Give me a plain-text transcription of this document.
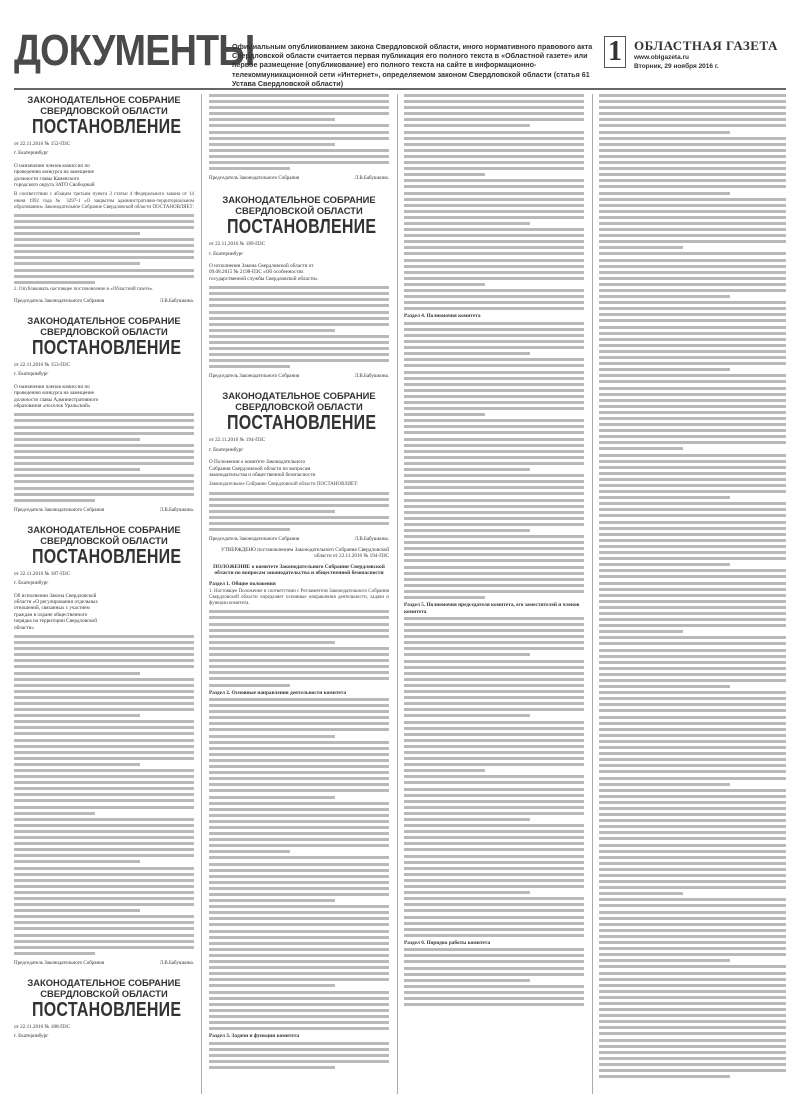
ДОКУМЕНТЫ
Официальным опубликованием закона Свердловской области, иного нормативного правового акта Свердловской области считается первая публикация его полного текста в «Областной газете» или первое размещение (опубликование) его полного текста на сайте в информационно-телекоммуникационной сети «Интернет», определяемом законом Свердловской области (статья 61 Устава Свердловской области)
1 ОБЛАСТНАЯ ГАЗЕТА
www.oblgazeta.ru
Вторник, 29 ноября 2016 г.
ЗАКОНОДАТЕЛЬНОЕ СОБРАНИЕ СВЕРДЛОВСКОЙ ОБЛАСТИ
ПОСТАНОВЛЕНИЕ
от 22.11.2016 № 152-ПЗС
г. Екатеринбург
О назначении членов комиссии по проведению конкурса на замещение должности главы Каменского городского округа ЗАТО Свободный
В соответствии с абзацем третьим пункта 3 статьи 4 Федерального закона от 14 июня 1992 года № 3297-1 «О закрытом административно-территориальном образовании» Законодательное Собрание Свердловской области ПОСТАНОВЛЯЕТ:
2. Опубликовать настоящее постановление в «Областной газете».
Председатель Законодательного Собрания	Л.В.Бабушкина.
ЗАКОНОДАТЕЛЬНОЕ СОБРАНИЕ СВЕРДЛОВСКОЙ ОБЛАСТИ
ПОСТАНОВЛЕНИЕ
от 22.11.2016 № 153-ПЗС
г. Екатеринбург
О назначении членов комиссии по проведению конкурса на замещение должности главы Административного образования «поселок Уральский»
Председатель Законодательного Собрания	Л.В.Бабушкина.
ЗАКОНОДАТЕЛЬНОЕ СОБРАНИЕ СВЕРДЛОВСКОЙ ОБЛАСТИ
ПОСТАНОВЛЕНИЕ
от 22.11.2016 № 187-ПЗС
г. Екатеринбург
Об исполнении Закона Свердловской области «О регулировании отдельных отношений, связанных с участием граждан в охране общественного порядка на территории Свердловской области»
Председатель Законодательного Собрания	Л.В.Бабушкина.
ЗАКОНОДАТЕЛЬНОЕ СОБРАНИЕ СВЕРДЛОВСКОЙ ОБЛАСТИ
ПОСТАНОВЛЕНИЕ
от 22.11.2016 № 188-ПЗС
г. Екатеринбург
Председатель Законодательного Собрания	Л.В.Бабушкина.
ЗАКОНОДАТЕЛЬНОЕ СОБРАНИЕ СВЕРДЛОВСКОЙ ОБЛАСТИ
ПОСТАНОВЛЕНИЕ
от 22.11.2016 № 189-ПЗС
г. Екатеринбург
О исполнении Закона Свердловской области от 09.08.2015 № 2198-ПЗС «Об особенностях государственной службы Свердловской области»
Председатель Законодательного Собрания	Л.В.Бабушкина.
ЗАКОНОДАТЕЛЬНОЕ СОБРАНИЕ СВЕРДЛОВСКОЙ ОБЛАСТИ
ПОСТАНОВЛЕНИЕ
от 22.11.2016 № 194-ПЗС
г. Екатеринбург
О Положении о комитете Законодательного Собрания Свердловской области по вопросам законодательства и общественной безопасности
Законодательное Собрание Свердловской области ПОСТАНОВЛЯЕТ:
Председатель Законодательного Собрания	Л.В.Бабушкина.
УТВЕРЖДЕНО постановлением Законодательного Собрания Свердловской области от 22.11.2016 № 194-ПЗС
ПОЛОЖЕНИЕ о комитете Законодательного Собрания Свердловской области по вопросам законодательства и общественной безопасности
Раздел 1. Общие положения
1. Настоящее Положение в соответствии с Регламентом Законодательного Собрания Свердловской области определяет основные направления деятельности, задачи и функции комитета.
Раздел 2. Основные направления деятельности комитета
Раздел 3. Задачи и функции комитета
Раздел 4. Полномочия комитета
Раздел 5. Полномочия председателя комитета, его заместителей и членов комитета
Раздел 6. Порядок работы комитета
